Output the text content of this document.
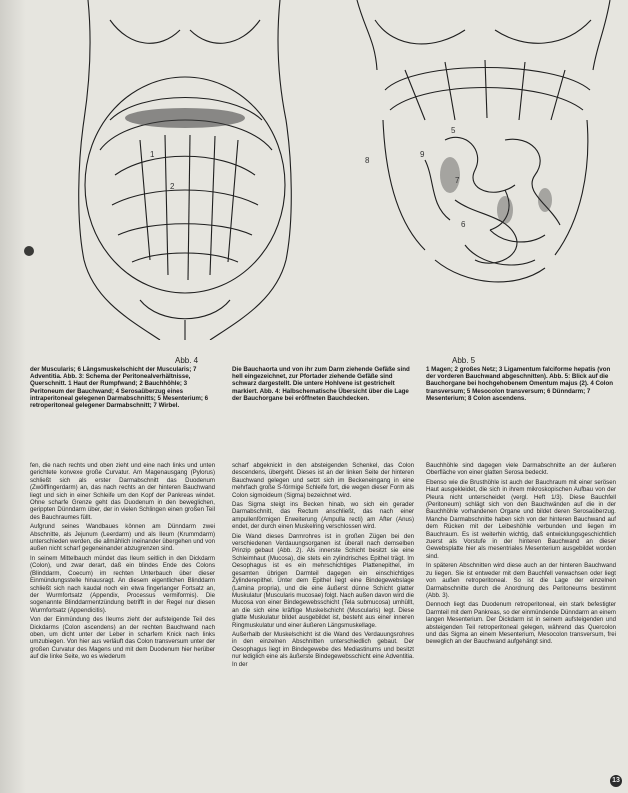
1
2
Abb. 4
5
6
7
8
9
Abb. 5
der Muscularis; 6 Längsmuskelschicht der Muscularis; 7 Adventitia. Abb. 3: Schema der Peritonealverhältnisse, Querschnitt. 1 Haut der Rumpfwand; 2 Bauchhöhle; 3 Peritoneum der Bauchwand; 4 Serosaüberzug eines intraperitoneal gelegenen Darmabschnitts; 5 Mesenterium; 6 retroperitoneal gelegener Darmabschnitt; 7 Wirbel.
Die Bauchaorta und von ihr zum Darm ziehende Gefäße sind hell eingezeichnet, zur Pfortader ziehende Gefäße sind schwarz dargestellt. Die untere Hohlvene ist gestrichelt markiert. Abb. 4: Halbschematische Übersicht über die Lage der Bauchorgane bei eröffneten Bauchdecken.
1 Magen; 2 großes Netz; 3 Ligamentum falciforme hepatis (von der vorderen Bauchwand abgeschnitten). Abb. 5: Blick auf die Bauchorgane bei hochgehobenem Omentum majus (2). 4 Colon transversum; 5 Mesocolon transversum; 6 Dünndarm; 7 Mesenterium; 8 Colon ascendens.

fen, die nach rechts und oben zieht und eine nach links und unten gerichtete konvexe große Curvatur. Am Magenausgang (Pylorus) schließt sich als erster Darmabschnitt das Duodenum (Zwölffingerdarm) an, das nach rechts an der hinteren Bauchwand liegt und sich in einer Schleife um den Kopf der Pankreas windet. Ohne scharfe Grenze geht das Duodenum in den beweglichen, gerippten Dünndarm über, der in vielen Schlingen einen großen Teil des Bauchraumes füllt.

Aufgrund seines Wandbaues können am Dünndarm zwei Abschnitte, als Jejunum (Leerdarm) und als Ileum (Krummdarm) unterschieden werden, die allmählich ineinander übergehen und von außen nicht scharf gegeneinander abzugrenzen sind.

In seinem Mittelbauch mündet das Ileum seitlich in den Dickdarm (Colon), und zwar derart, daß ein blindes Ende des Colons (Blinddarm, Coecum) im rechten Unterbauch über dieser Einmündungsstelle hinausragt. An diesem eigentlichen Blinddarm schließt sich nach kaudal noch ein etwa fingerlanger Fortsatz an, der Wurmfortsatz (Appendix, Processus vermiformis). Die sogenannte Blinddarmentzündung betrifft in der Regel nur diesen Wurmfortsatz (Appendicitis).

Von der Einmündung des Ileums zieht der aufsteigende Teil des Dickdarms (Colon ascendens) an der rechten Bauchwand nach oben, um dicht unter der Leber in scharfem Knick nach links umzubiegen. Von hier aus verläuft das Colon transversum unter der großen Curvatur des Magens und mit dem Duodenum hier herüber auf die linke Seite, wo es wiederum

scharf abgeknickt in den absteigenden Schenkel, das Colon descendens, übergeht. Dieses ist an der linken Seite der hinteren Bauchwand gelegen und setzt sich im Beckeneingang in eine mehrfach große S-förmige Schleife fort, die wegen dieser Form als Colon sigmoideum (Sigma) bezeichnet wird.

Das Sigma steigt ins Becken hinab, wo sich ein gerader Darmabschnitt, das Rectum anschließt, das nach einer ampullenförmigen Erweiterung (Ampulla recti) am After (Anus) endet, der durch einen Muskelring verschlossen wird.

Die Wand dieses Darmrohres ist in großen Zügen bei den verschiedenen Verdauungsorganen ist überall nach demselben Prinzip gebaut (Abb. 2). Als innerste Schicht besitzt sie eine Schleimhaut (Mucosa), die stets ein zylindrisches Epithel trägt. Im Oesophagus ist es ein mehrschichtiges Plattenepithel, im gesamten übrigen Darmteil dagegen ein einschichtiges Zylinderepithel. Unter dem Epithel liegt eine Bindegewebslage (Lamina propria), und die eine äußerst dünne Schicht glatter Muskulatur (Muscularis mucosae) folgt. Nach außen davon wird die Mucosa von einer Bindegewebsschicht (Tela submucosa) umhüllt, an die sich eine kräftige Muskelschicht (Muscularis) legt. Diese glatte Muskulatur bildet ausgebildet ist, besteht aus einer inneren Ringmuskulatur und einer äußeren Längsmuskellage.

Außerhalb der Muskelschicht ist die Wand des Verdauungsrohres in den einzelnen Abschnitten unterschiedlich gebaut. Der Oesophagus liegt im Bindegewebe des Mediastinums und besitzt nur lediglich eine als äußerste Bindegewebsschicht eine Adventitia. In der

Bauchhöhle sind dagegen viele Darmabschnitte an der äußeren Oberfläche von einer glatten Serosa bedeckt.

Ebenso wie die Brusthöhle ist auch der Bauchraum mit einer serösen Haut ausgekleidet, die sich in ihrem mikroskopischen Aufbau von der Pleura nicht unterscheidet (vergl. Heft 1/3). Diese Bauchfell (Peritoneum) schlägt sich von den Bauchwänden auf die in der Bauchhöhle vorhandenen Organe und bildet deren Serosaüberzug. Manche Darmabschnitte haben sich von der hinteren Bauchwand auf dem Rücken mit der Leibeshöhle verbunden und liegen im Bauchraum. Es ist weiterhin wichtig, daß entwicklungsgeschichtlich zuerst als Vorstufe in der hinteren Bauchwand an dieser Gewebsplatte hier als mesentriales Mesenterium ausgebildet worden sind.

In späteren Abschnitten wird diese auch an der hinteren Bauchwand zu liegen. Sie ist entweder mit dem Bauchfell verwachsen oder liegt von außen retroperitoneal. So ist die Lage der einzelnen Darmabschnitte durch die Anordnung des Peritoneums bestimmt (Abb. 3).

Dennoch liegt das Duodenum retroperitoneal, ein stark befestigter Darmteil mit dem Pankreas, so der einmündende Dünndarm an einem langen Mesenterium. Der Dickdarm ist in seinem aufsteigenden und absteigenden Teil retroperitoneal gelegen, während das Quercolon und das Sigma an einem Mesenterium, Mesocolon transversum, frei beweglich an der Bauchwand aufgehängt sind.

13
